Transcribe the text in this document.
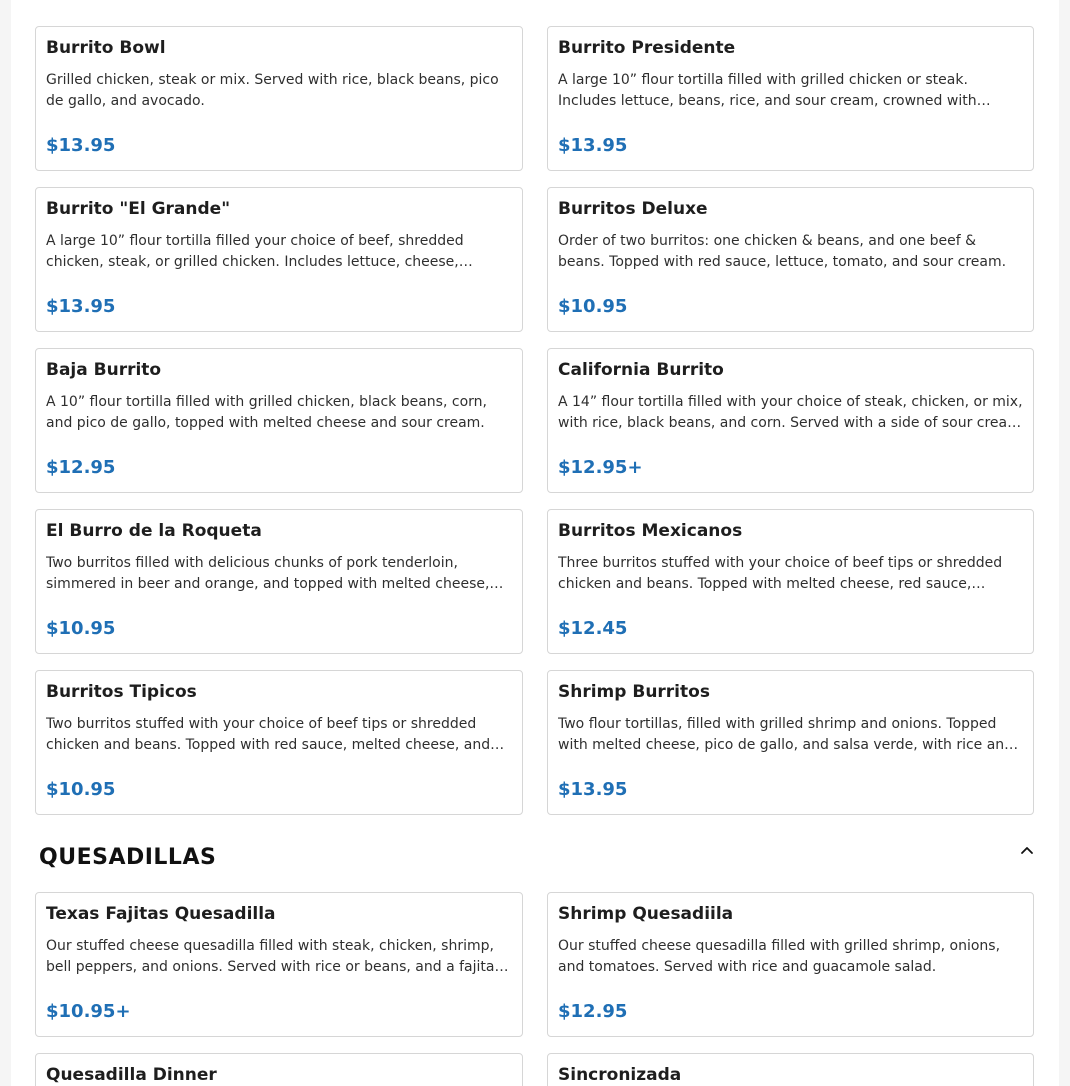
Burrito Bowl

Grilled chicken, steak or mix. Served with rice, black beans, pico de gallo, and avocado.

$13.95
Burrito Presidente

A large 10” flour tortilla filled with grilled chicken or steak. Includes lettuce, beans, rice, and sour cream, crowned with…

$13.95
Burrito "El Grande"

A large 10” flour tortilla filled your choice of beef, shredded chicken, steak, or grilled chicken. Includes lettuce, cheese,…

$13.95
Burritos Deluxe

Order of two burritos: one chicken & beans, and one beef & beans. Topped with red sauce, lettuce, tomato, and sour cream.

$10.95
Baja Burrito

A 10” flour tortilla filled with grilled chicken, black beans, corn, and pico de gallo, topped with melted cheese and sour cream.

$12.95
California Burrito

A 14” flour tortilla filled with your choice of steak, chicken, or mix, with rice, black beans, and corn. Served with a side of sour crea…

$12.95+
El Burro de la Roqueta

Two burritos filled with delicious chunks of pork tenderloin, simmered in beer and orange, and topped with melted cheese,…

$10.95
Burritos Mexicanos

Three burritos stuffed with your choice of beef tips or shredded chicken and beans. Topped with melted cheese, red sauce,…

$12.45
Burritos Tipicos

Two burritos stuffed with your choice of beef tips or shredded chicken and beans. Topped with red sauce, melted cheese, and…

$10.95
Shrimp Burritos

Two flour tortillas, filled with grilled shrimp and onions. Topped with melted cheese, pico de gallo, and salsa verde, with rice an…

$13.95
QUESADILLAS
Texas Fajitas Quesadilla

Our stuffed cheese quesadilla filled with steak, chicken, shrimp, bell peppers, and onions. Served with rice or beans, and a fajita…

$10.95+
Shrimp Quesadiila

Our stuffed cheese quesadilla filled with grilled shrimp, onions, and tomatoes. Served with rice and guacamole salad.

$12.95
Quesadilla Dinner	Sincronizada
